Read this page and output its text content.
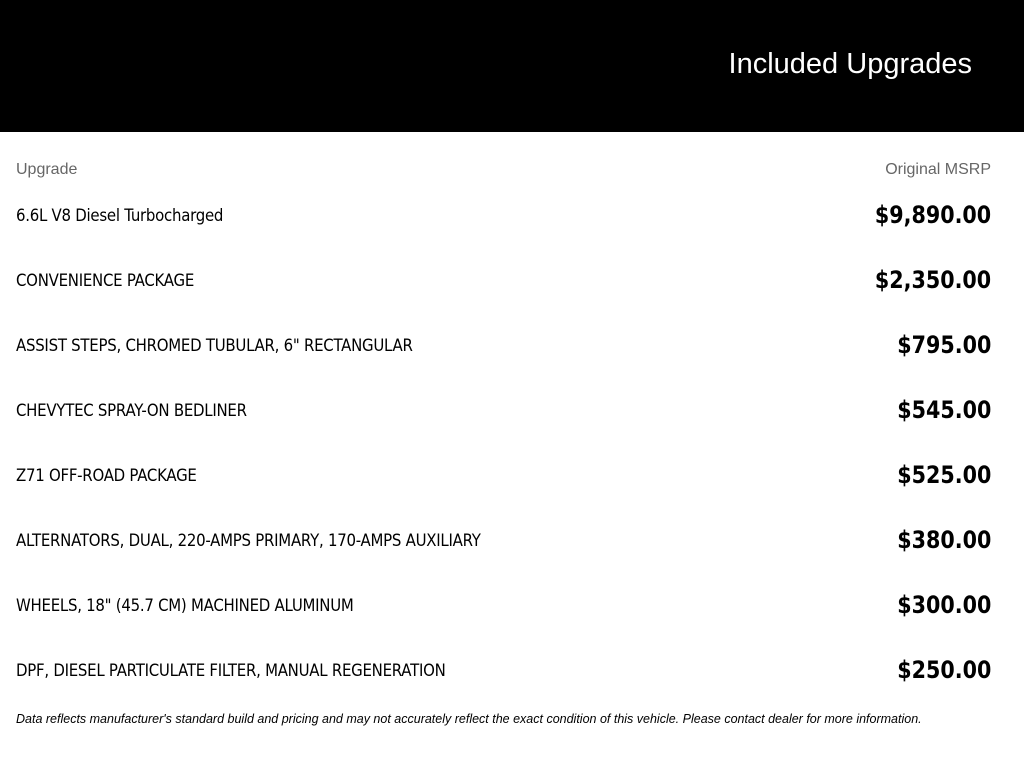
Included Upgrades
Upgrade	Original MSRP
6.6L V8 Diesel Turbocharged	$9,890.00
CONVENIENCE PACKAGE	$2,350.00
ASSIST STEPS, CHROMED TUBULAR, 6" RECTANGULAR	$795.00
CHEVYTEC SPRAY-ON BEDLINER	$545.00
Z71 OFF-ROAD PACKAGE	$525.00
ALTERNATORS, DUAL, 220-AMPS PRIMARY, 170-AMPS AUXILIARY	$380.00
WHEELS, 18" (45.7 CM) MACHINED ALUMINUM	$300.00
DPF, DIESEL PARTICULATE FILTER, MANUAL REGENERATION	$250.00
Data reflects manufacturer's standard build and pricing and may not accurately reflect the exact condition of this vehicle. Please contact dealer for more information.
